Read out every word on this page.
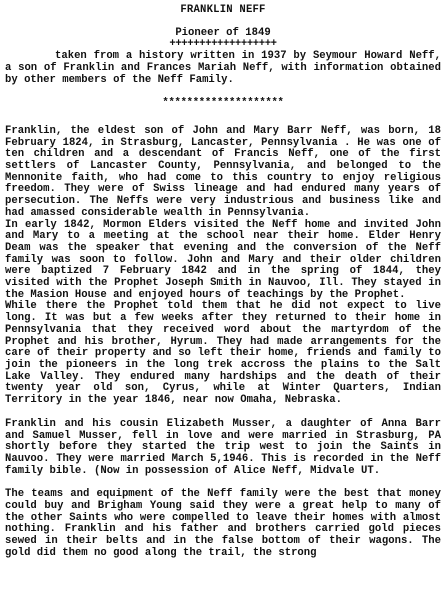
FRANKLIN NEFF
Pioneer of 1849
++++++++++++++++++
taken from a history written in 1937 by Seymour Howard Neff, a son of Franklin and Frances Mariah Neff, with information obtained by other members of the Neff Family.
********************

Franklin, the eldest son of John and Mary Barr Neff, was born, 18 February 1824, in Strasburg, Lancaster, Pennsylvania . He was one of ten children and a descendant of Francis Neff, one of the first settlers of Lancaster County, Pennsylvania, and belonged to the Mennonite faith, who had come to this country to enjoy religious freedom. They were of Swiss lineage and had endured many years of persecution. The Neffs were very industrious and business like and had amassed considerable wealth in Pennsylvania.

In early 1842, Mormon Elders visited the Neff home and invited John and Mary to a meeting at the school near their home. Elder Henry Deam was the speaker that evening and the conversion of the Neff family was soon to follow. John and Mary and their older children were baptized 7 February 1842 and in the spring of 1844, they visited with the Prophet Joseph Smith in Nauvoo, Ill. They stayed in the Masion House and enjoyed hours of teachings by the Prophet.

While there the Prophet told them that he did not expect to live long. It was but a few weeks after they returned to their home in Pennsylvania that they received word about the martyrdom of the Prophet and his brother, Hyrum. They had made arrangements for the care of their property and so left their home, friends and family to join the pioneers in the long trek accross the plains to the Salt Lake Valley. They endured many hardships and the death of their twenty year old son, Cyrus, while at Winter Quarters, Indian Territory in the year 1846, near now Omaha, Nebraska.

Franklin and his cousin Elizabeth Musser, a daughter of Anna Barr and Samuel Musser, fell in love and were married in Strasburg, PA shortly before they started the trip west to join the Saints in Nauvoo. They were married March 5,1946. This is recorded in the Neff family bible. (Now in possession of Alice Neff, Midvale UT.

The teams and equipment of the Neff family were the best that money could buy and Brigham Young said they were a great help to many of the other Saints who were compelled to leave their homes with almost nothing. Franklin and his father and brothers carried gold pieces sewed in their belts and in the false bottom of their wagons. The gold did them no good along the trail, the strong
